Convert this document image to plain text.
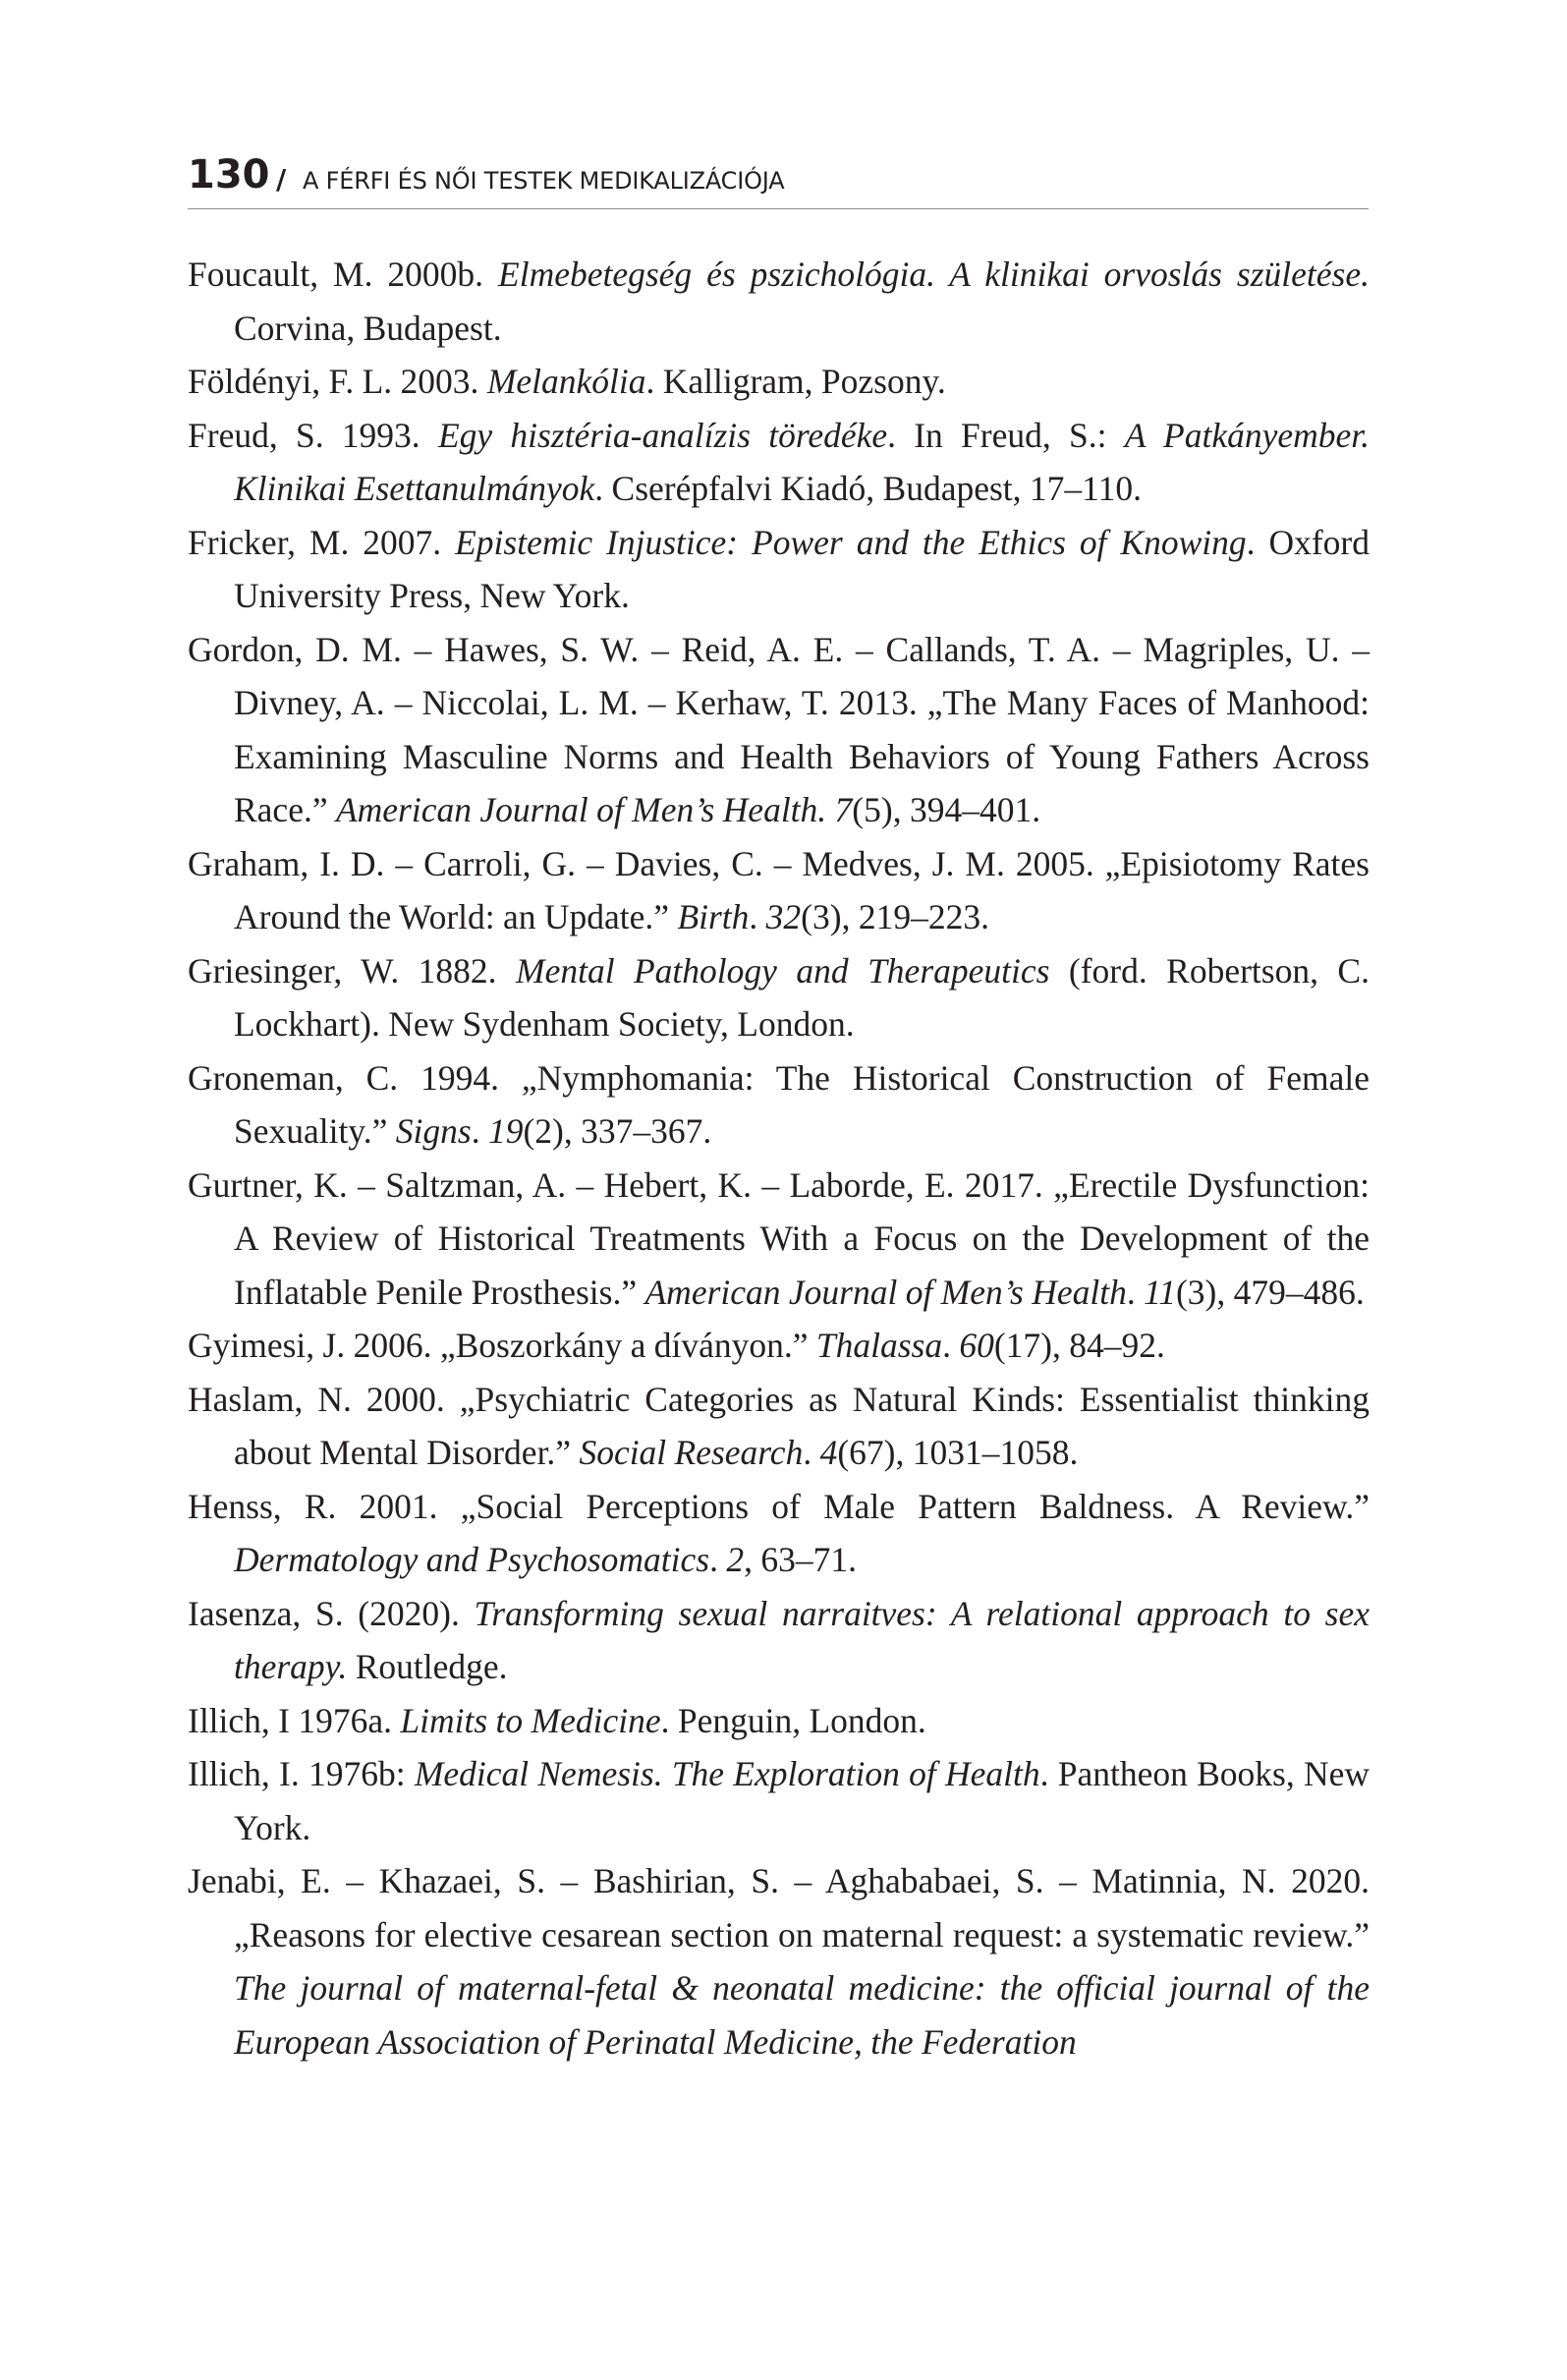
130 / A FÉRFI ÉS NŐI TESTEK MEDIKALIZÁCIÓJA

Foucault, M. 2000b. Elmebetegség és pszichológia. A klinikai orvoslás születése. Corvina, Budapest.

Földényi, F. L. 2003. Melankólia. Kalligram, Pozsony.

Freud, S. 1993. Egy hisztéria-analízis töredéke. In Freud, S.: A Patkányember. Klinikai Esettanulmányok. Cserépfalvi Kiadó, Budapest, 17–110.

Fricker, M. 2007. Epistemic Injustice: Power and the Ethics of Knowing. Oxford University Press, New York.

Gordon, D. M. – Hawes, S. W. – Reid, A. E. – Callands, T. A. – Magriples, U. – Divney, A. – Niccolai, L. M. – Kerhaw, T. 2013. „The Many Faces of Manhood: Examining Masculine Norms and Health Behaviors of Young Fathers Across Race.” American Journal of Men’s Health. 7(5), 394–401.

Graham, I. D. – Carroli, G. – Davies, C. – Medves, J. M. 2005. „Episiotomy Rates Around the World: an Update.” Birth. 32(3), 219–223.

Griesinger, W. 1882. Mental Pathology and Therapeutics (ford. Robertson, C. Lockhart). New Sydenham Society, London.

Groneman, C. 1994. „Nymphomania: The Historical Construction of Female Sexuality.” Signs. 19(2), 337–367.

Gurtner, K. – Saltzman, A. – Hebert, K. – Laborde, E. 2017. „Erectile Dysfunction: A Review of Historical Treatments With a Focus on the Development of the Inflatable Penile Prosthesis.” American Journal of Men’s Health. 11(3), 479–486.

Gyimesi, J. 2006. „Boszorkány a díványon.” Thalassa. 60(17), 84–92.

Haslam, N. 2000. „Psychiatric Categories as Natural Kinds: Essentialist thinking about Mental Disorder.” Social Research. 4(67), 1031–1058.

Henss, R. 2001. „Social Perceptions of Male Pattern Baldness. A Review.” Dermatology and Psychosomatics. 2, 63–71.

Iasenza, S. (2020). Transforming sexual narraitves: A relational approach to sex therapy. Routledge.

Illich, I 1976a. Limits to Medicine. Penguin, London.

Illich, I. 1976b: Medical Nemesis. The Exploration of Health. Pantheon Books, New York.

Jenabi, E. – Khazaei, S. – Bashirian, S. – Aghababaei, S. – Matinnia, N. 2020. „Reasons for elective cesarean section on maternal request: a systematic review.” The journal of maternal-fetal & neonatal medicine: the official journal of the European Association of Perinatal Medicine, the Federation
